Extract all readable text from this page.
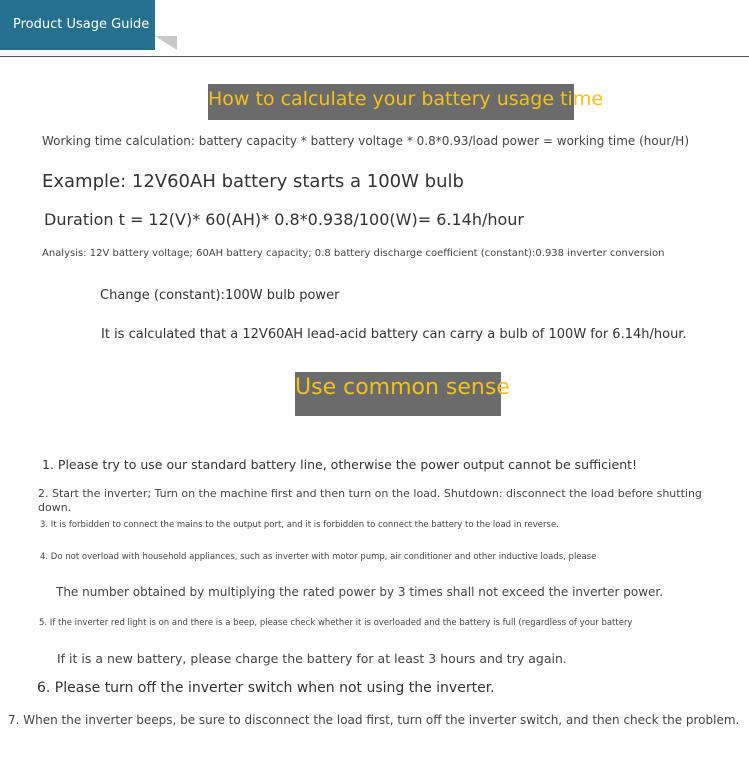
Product Usage Guide
How to calculate your battery usage time
Working time calculation: battery capacity * battery voltage * 0.8*0.93/load power = working time (hour/H)
Example: 12V60AH battery starts a 100W bulb
Duration t = 12(V)* 60(AH)* 0.8*0.938/100(W)= 6.14h/hour
Analysis: 12V battery voltage; 60AH battery capacity; 0.8 battery discharge coefficient (constant):0.938 inverter conversion
Change (constant):100W bulb power
It is calculated that a 12V60AH lead-acid battery can carry a bulb of 100W for 6.14h/hour.
Use common sense
1. Please try to use our standard battery line, otherwise the power output cannot be sufficient!
2. Start the inverter; Turn on the machine first and then turn on the load. Shutdown: disconnect the load before shutting down.
3. It is forbidden to connect the mains to the output port, and it is forbidden to connect the battery to the load in reverse.
4. Do not overload with household appliances, such as inverter with motor pump, air conditioner and other inductive loads, please
The number obtained by multiplying the rated power by 3 times shall not exceed the inverter power.
5. If the inverter red light is on and there is a beep, please check whether it is overloaded and the battery is full (regardless of your battery
If it is a new battery, please charge the battery for at least 3 hours and try again.
6. Please turn off the inverter switch when not using the inverter.
7. When the inverter beeps, be sure to disconnect the load first, turn off the inverter switch, and then check the problem.
